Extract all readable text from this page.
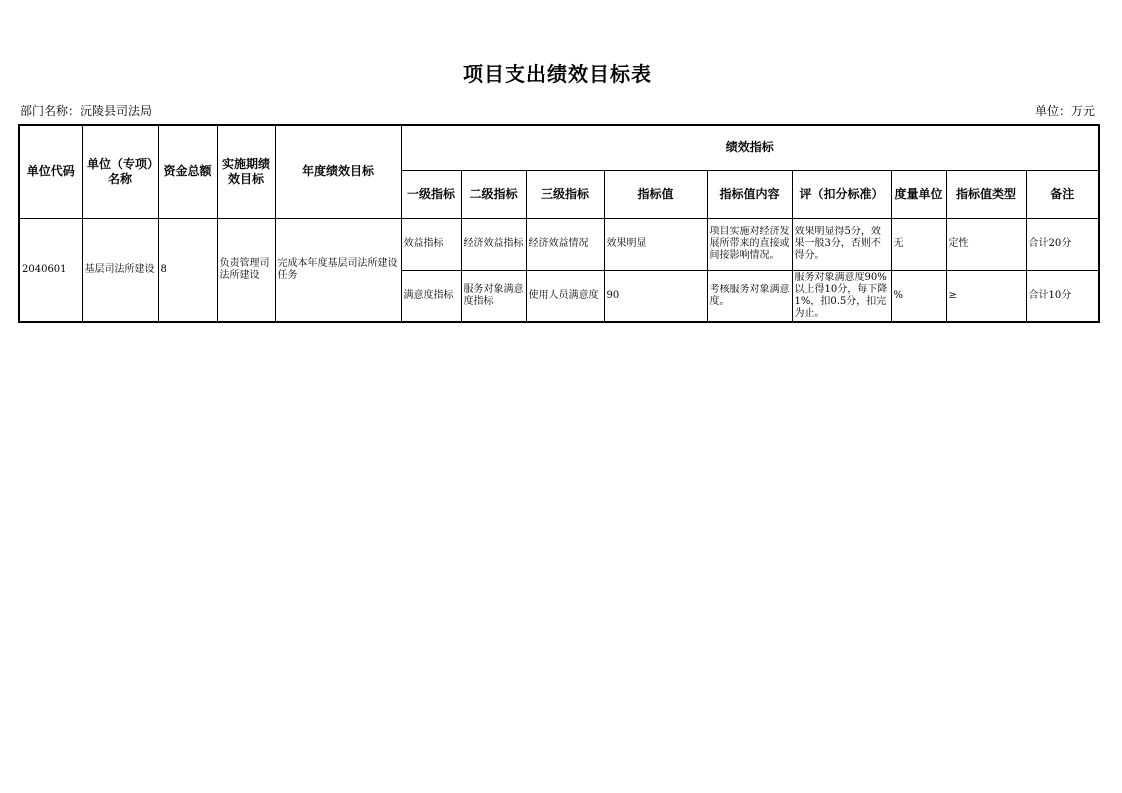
项目支出绩效目标表
部门名称：沅陵县司法局	单位：万元
单位代码	单位（专项）名称	资金总额	实施期绩效目标	年度绩效目标	绩效指标								
					一级指标	二级指标	三级指标	指标值	指标值内容	评（扣分标准）	度量单位	指标值类型	备注
2040601	基层司法所建设	8	负责管理司法所建设	完成本年度基层司法所建设任务	效益指标	经济效益指标	经济效益情况	效果明显	项目实施对经济发展所带来的直接或间接影响情况。	效果明显得5分，效果一般3分，否则不得分。	无	定性	合计20分
					满意度指标	服务对象满意度指标	使用人员满意度	90	考核服务对象满意度。	服务对象满意度90%以上得10分，每下降1%，扣0.5分，扣完为止。	%	≥	合计10分
